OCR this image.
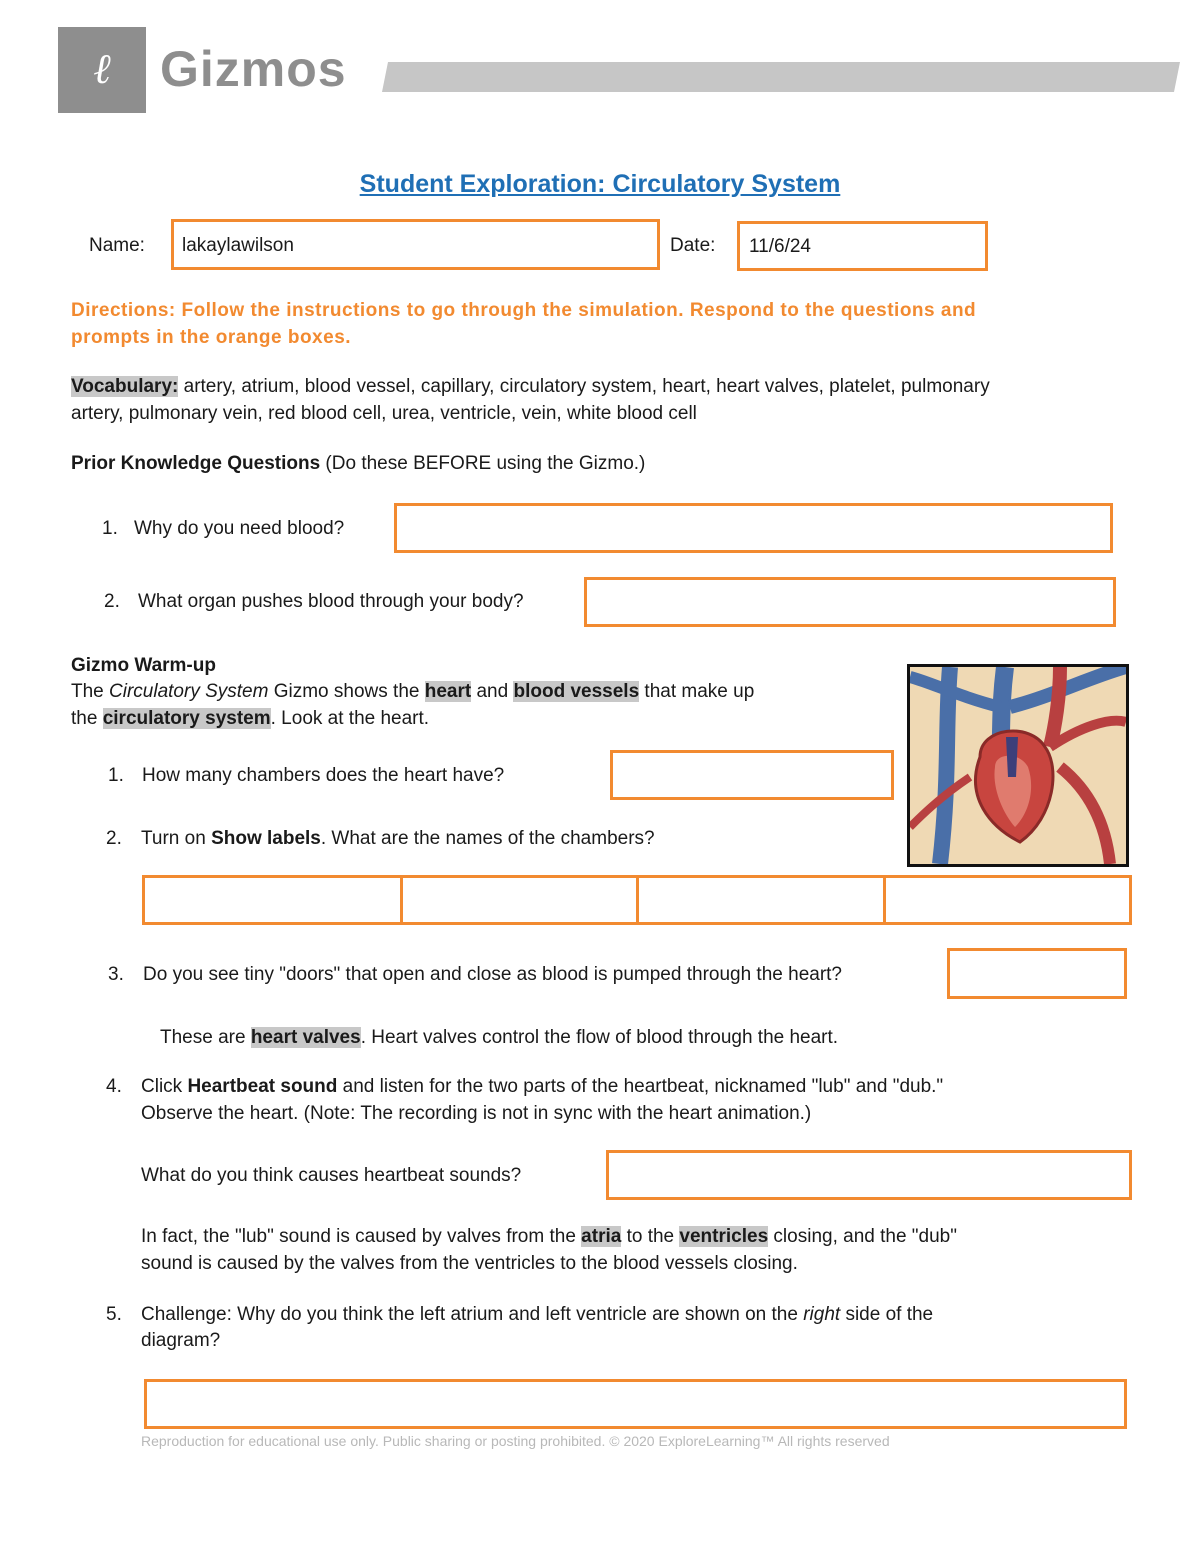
ℓ Gizmos
Student Exploration: Circulatory System
Name: lakaylawilson	Date: 11/6/24
Directions: Follow the instructions to go through the simulation. Respond to the questions and
prompts in the orange boxes.
Vocabulary: artery, atrium, blood vessel, capillary, circulatory system, heart, heart valves, platelet, pulmonary
artery, pulmonary vein, red blood cell, urea, ventricle, vein, white blood cell
Prior Knowledge Questions (Do these BEFORE using the Gizmo.)
1. Why do you need blood?
2. What organ pushes blood through your body?
Gizmo Warm-up
The Circulatory System Gizmo shows the heart and blood vessels that make up
the circulatory system. Look at the heart.
1. How many chambers does the heart have?
2. Turn on Show labels. What are the names of the chambers?
3. Do you see tiny "doors" that open and close as blood is pumped through the heart?
These are heart valves. Heart valves control the flow of blood through the heart.
4. Click Heartbeat sound and listen for the two parts of the heartbeat, nicknamed "lub" and "dub."
Observe the heart. (Note: The recording is not in sync with the heart animation.)
What do you think causes heartbeat sounds?
In fact, the "lub" sound is caused by valves from the atria to the ventricles closing, and the "dub"
sound is caused by the valves from the ventricles to the blood vessels closing.
5. Challenge: Why do you think the left atrium and left ventricle are shown on the right side of the
diagram?
Reproduction for educational use only. Public sharing or posting prohibited. © 2020 ExploreLearning™ All rights reserved
